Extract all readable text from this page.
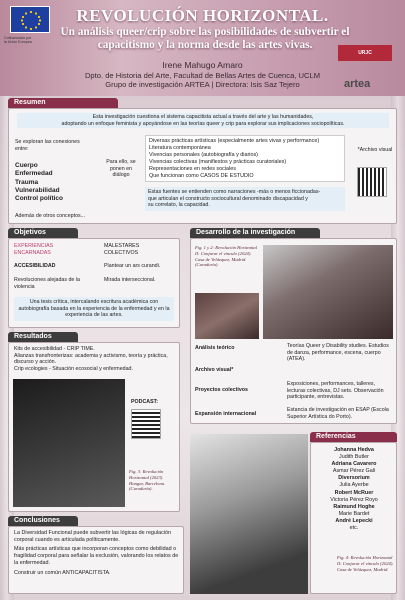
Cofinanciado por
la Unión Europea
REVOLUCIÓN HORIZONTAL.
Un análisis queer/crip sobre las posibilidades de subvertir el
capacitismo y la norma desde las artes vivas.
Irene Mahugo Amaro
Dpto. de Historia del Arte, Facultad de Bellas Artes de Cuenca, UCLM
Grupo de investigación ARTEA | Directora: Isis Saz Tejero
URJC
artea
Resumen
Esta investigación cuestiona el sistema capacitista actual a través del arte y las humanidades,
adoptando un enfoque feminista y apoyándose en las teorías queer y crip para explorar sus implicaciones sociopolíticas.
Se exploran las conexiones
entre:
Cuerpo
Enfermedad
Trauma
Vulnerabilidad
Control político
Además de otros conceptos...
Para ello, se ponen en diálogo
Diversas prácticas artísticas (especialmente artes vivas y performance)
Literatura contemporánea
Vivencias personales (autobiografía y diarios)
Vivencias colectivas (manifiestos y prácticas curatoriales)
Representaciones en redes sociales
Que funcionan como CASOS DE ESTUDIO
Estas fuentes se entienden como narraciones -más o menos ficcionadas-
que articulan el constructo sociocultural denominado discapacidad y
su correlato, la capacidad.
*Archivo visual
Objetivos
EXPERIENCIAS ENCARNADAS
MALESTARES COLECTIVOS
ACCESIBILIDAD	Plantear un ars curandi.
Revoluciones alejadas de la violencia
Mirada interseccional.
Una tesis crítica, intercalando escritura académica con autobiografía basada en la experiencia de la enfermedad y en la experiencia de las artes.
Resultados
Kits de accesibilidad - CRIP TIME.
Alianzas transfronterizas: academia y activismo, teoría y práctica, discurso y acción.
Crip ecologies - Situación ecosocial y enfermedad.
PODCAST:
Fig. 3: Revolución Horizontal (2023). Hangar, Barcelona. (Curaduría).
Desarrollo de la investigación
Fig. 1 y 2: Revolución Horizontal II: Conjurar el vínculo (2024). Casa de Velázquez, Madrid. (Curaduría).
Análisis teórico	Teorías Queer y Disability studies. Estudios de danza, performance, escena, cuerpo (ATEA).
Archivo visual*
Proyectos colectivos
Exposiciones, performances, talleres, lecturas colectivas, DJ sets. Observación participante, entrevistas.
Expansión internacional
Estancia de investigación en ESAP (Escola Superior Artística do Porto).
Referencias
Johanna Hedva
Judith Butler
Adriana Cavarero
Asmar Pérez Gali
Diversorium
Julia Ayerbe
Robert McRuer
Victoria Pérez Royo
Raimund Hoghe
Marie Bardet
André Lepecki
etc.
Fig. 4: Revolución Horizontal II: Conjurar el vínculo (2024). Casa de Velázquez, Madrid.
Conclusiones
La Diversidad Funcional puede subvertir las lógicas de regulación corporal cuando es articulada políticamente.
Más prácticas artísticas que incorporan conceptos como debilidad o fragilidad corporal para señalar la exclusión, valorando los relatos de la enfermedad.
Construir un común ANTICAPACITISTA.
